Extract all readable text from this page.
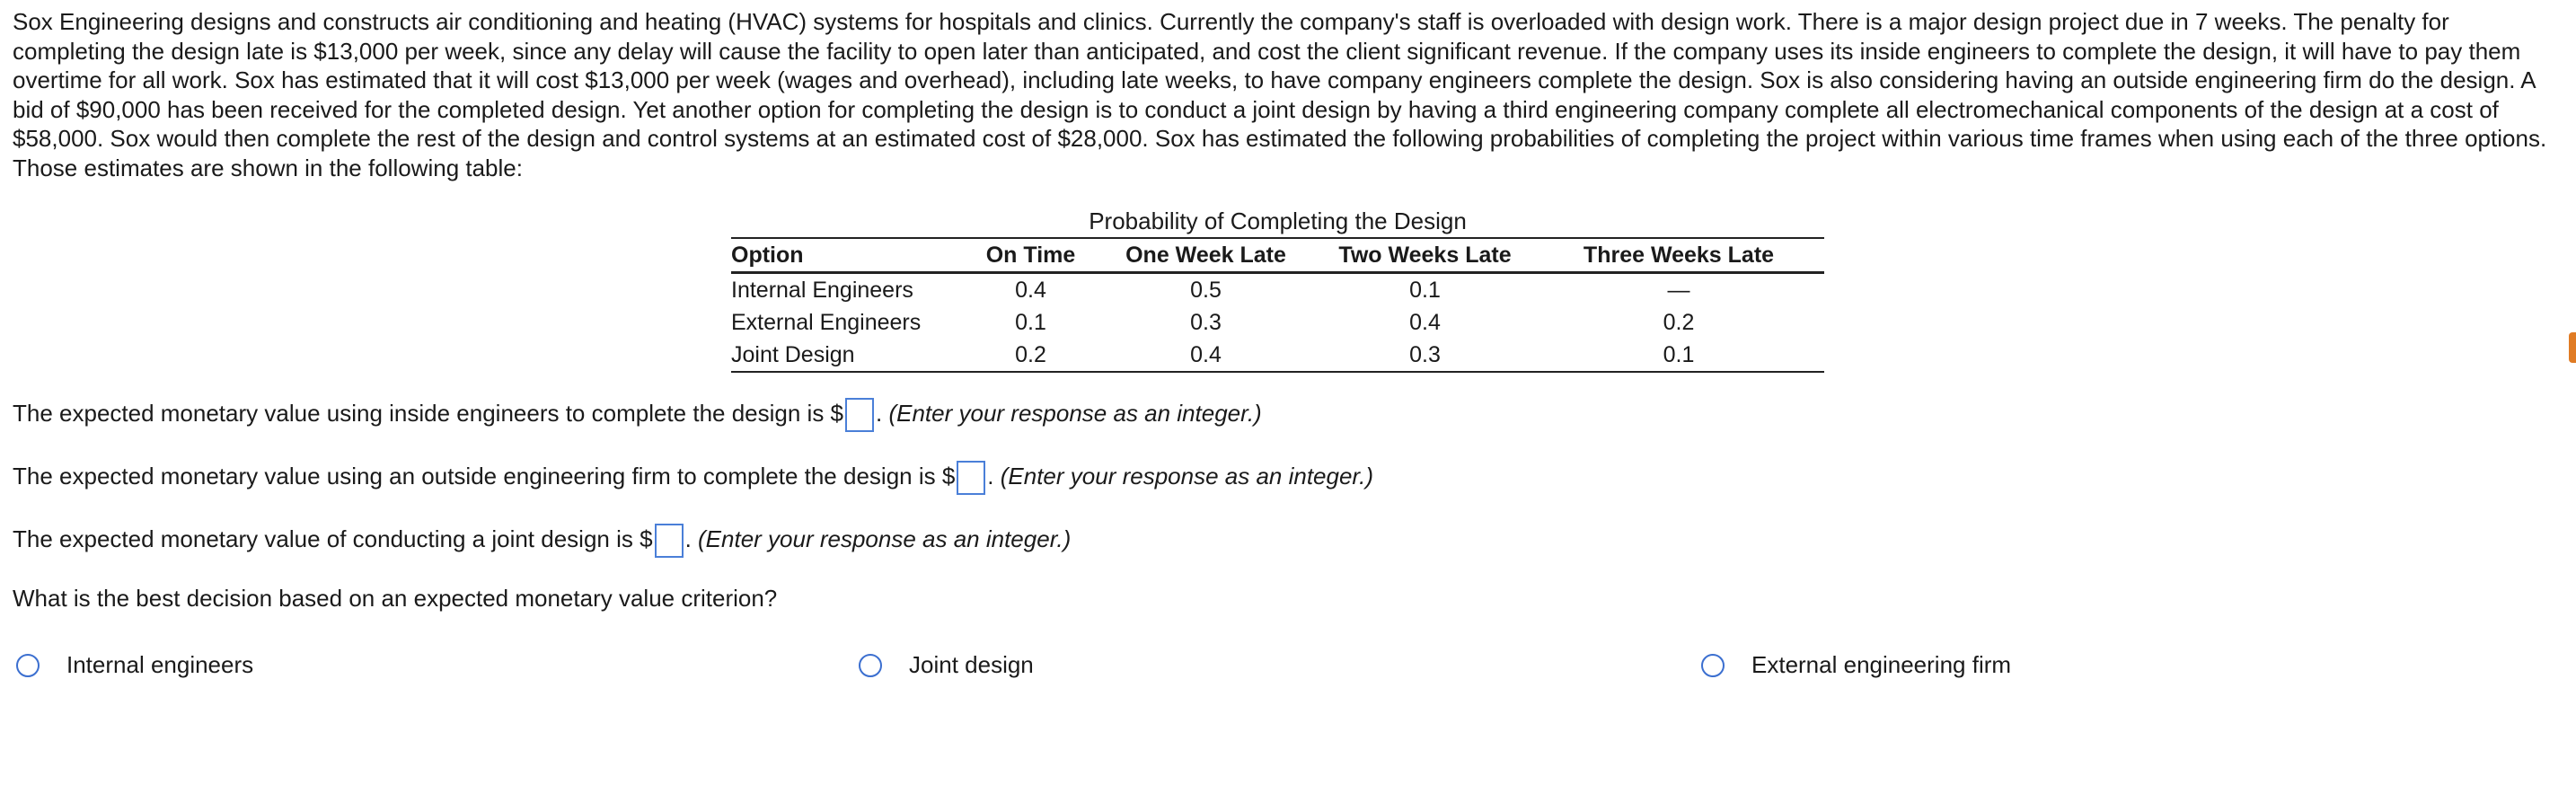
Sox Engineering designs and constructs air conditioning and heating (HVAC) systems for hospitals and clinics. Currently the company's staff is overloaded with design work. There is a major design project due in 7 weeks. The penalty for completing the design late is $13,000 per week, since any delay will cause the facility to open later than anticipated, and cost the client significant revenue. If the company uses its inside engineers to complete the design, it will have to pay them overtime for all work. Sox has estimated that it will cost $13,000 per week (wages and overhead), including late weeks, to have company engineers complete the design. Sox is also considering having an outside engineering firm do the design. A bid of $90,000 has been received for the completed design. Yet another option for completing the design is to conduct a joint design by having a third engineering company complete all electromechanical components of the design at a cost of $58,000. Sox would then complete the rest of the design and control systems at an estimated cost of $28,000. Sox has estimated the following probabilities of completing the project within various time frames when using each of the three options. Those estimates are shown in the following table:

Probability of Completing the Design
Option	On Time	One Week Late	Two Weeks Late	Three Weeks Late
Internal Engineers	0.4	0.5	0.1	—
External Engineers	0.1	0.3	0.4	0.2
Joint Design	0.2	0.4	0.3	0.1
The expected monetary value using inside engineers to complete the design is $ . (Enter your response as an integer.)
The expected monetary value using an outside engineering firm to complete the design is $ . (Enter your response as an integer.)
The expected monetary value of conducting a joint design is $ . (Enter your response as an integer.)
What is the best decision based on an expected monetary value criterion?
Internal engineers	Joint design	External engineering firm
